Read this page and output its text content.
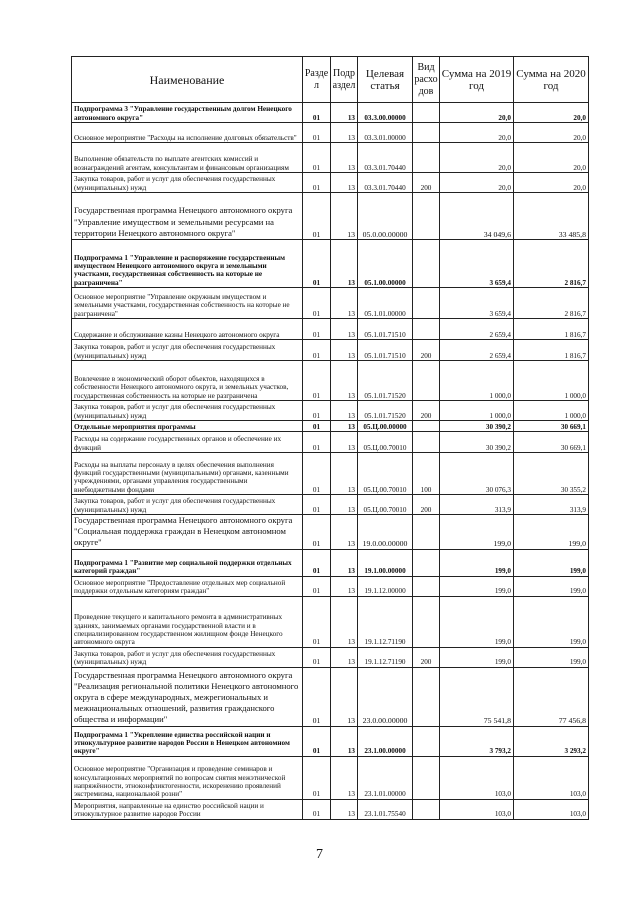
Наименование	Разде л	Подр аздел	Целевая статья	Вид расхо дов	Сумма на 2019 год	Сумма на 2020 год
Подпрограмма 3 "Управление государственным долгом Ненецкого автономного округа"	01	13	03.3.00.00000		20,0	20,0
Основное мероприятие "Расходы на исполнение долговых обязательств"	01	13	03.3.01.00000		20,0	20,0
Выполнение обязательств по выплате агентских комиссий и вознаграждений агентам, консультантам и финансовым организациям	01	13	03.3.01.70440		20,0	20,0
Закупка товаров, работ и услуг для обеспечения государственных (муниципальных) нужд	01	13	03.3.01.70440	200	20,0	20,0
Государственная программа Ненецкого автономного округа "Управление имуществом и земельными ресурсами на территории Ненецкого автономного округа"	01	13	05.0.00.00000		34 049,6	33 485,8
Подпрограмма 1 "Управление и распоряжение государственным имуществом Ненецкого автономного округа и земельными участками, государственная собственность на которые не разграничена"	01	13	05.1.00.00000		3 659,4	2 816,7
Основное мероприятие "Управление окружным имуществом и земельными участками, государственная собственность на которые не разграничена"	01	13	05.1.01.00000		3 659,4	2 816,7
Содержание и обслуживание казны Ненецкого автономного округа	01	13	05.1.01.71510		2 659,4	1 816,7
Закупка товаров, работ и услуг для обеспечения государственных (муниципальных) нужд	01	13	05.1.01.71510	200	2 659,4	1 816,7
Вовлечение в экономический оборот объектов, находящихся в собственности Ненецкого автономного округа, и земельных участков, государственная собственность на которые не разграничена	01	13	05.1.01.71520		1 000,0	1 000,0
Закупка товаров, работ и услуг для обеспечения государственных (муниципальных) нужд	01	13	05.1.01.71520	200	1 000,0	1 000,0
Отдельные мероприятия программы	01	13	05.Ц.00.00000		30 390,2	30 669,1
Расходы на содержание государственных органов и обеспечение их функций	01	13	05.Ц.00.70010		30 390,2	30 669,1
Расходы на выплаты персоналу в целях обеспечения выполнения функций государственными (муниципальными) органами, казенными учреждениями, органами управления государственными внебюджетными фондами	01	13	05.Ц.00.70010	100	30 076,3	30 355,2
Закупка товаров, работ и услуг для обеспечения государственных (муниципальных) нужд	01	13	05.Ц.00.70010	200	313,9	313,9
Государственная программа Ненецкого автономного округа "Социальная поддержка граждан в Ненецком автономном округе"	01	13	19.0.00.00000		199,0	199,0
Подпрограмма 1 "Развитие мер социальной поддержки отдельных категорий граждан"	01	13	19.1.00.00000		199,0	199,0
Основное мероприятие "Предоставление отдельных мер социальной поддержки отдельным категориям граждан"	01	13	19.1.12.00000		199,0	199,0
Проведение текущего и капитального ремонта в административных зданиях, занимаемых органами государственной власти и в специализированном государственном жилищном фонде Ненецкого автономного округа	01	13	19.1.12.71190		199,0	199,0
Закупка товаров, работ и услуг для обеспечения государственных (муниципальных) нужд	01	13	19.1.12.71190	200	199,0	199,0
Государственная программа Ненецкого автономного округа "Реализация региональной политики Ненецкого автономного округа в сфере международных, межрегиональных и межнациональных отношений, развития гражданского общества и информации"	01	13	23.0.00.00000		75 541,8	77 456,8
Подпрограмма 1 "Укрепление единства российской нации и этнокультурное развитие народов России в Ненецком автономном округе"	01	13	23.1.00.00000		3 793,2	3 293,2
Основное мероприятие "Организация и проведение семинаров и консультационных мероприятий по вопросам снятия межэтнической напряжённости, этноконфликтогенности, искоренению проявлений экстремизма, национальной розни"	01	13	23.1.01.00000		103,0	103,0
Мероприятия, направленные на единство российской нации и этнокультурное развитие народов России	01	13	23.1.01.75540		103,0	103,0
7
